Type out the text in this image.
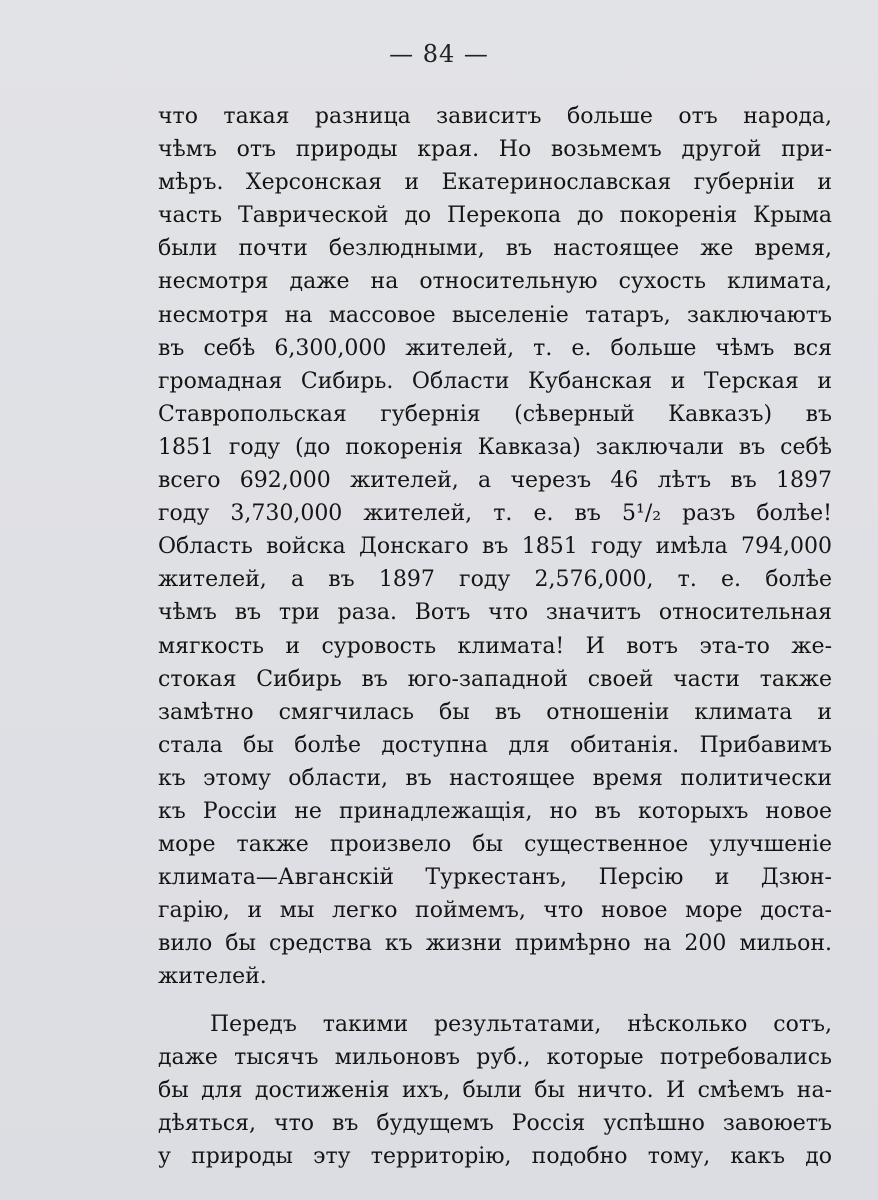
— 84 —
что такая разница зависитъ больше отъ народа,
чѣмъ отъ природы края. Но возьмемъ другой при-
мѣръ. Херсонская и Екатеринославская губерніи и
часть Таврической до Перекопа до покоренія Крыма
были почти безлюдными, въ настоящее же время,
несмотря даже на относительную сухость климата,
несмотря на массовое выселеніе татаръ, заключаютъ
въ себѣ 6,300,000 жителей, т. е. больше чѣмъ вся
громадная Сибирь. Области Кубанская и Терская и
Ставропольская губернія (сѣверный Кавказъ) въ
1851 году (до покоренія Кавказа) заключали въ себѣ
всего 692,000 жителей, а черезъ 46 лѣтъ въ 1897
году 3,730,000 жителей, т. е. въ 5¹/₂ разъ болѣе!
Область войска Донскаго въ 1851 году имѣла 794,000
жителей, а въ 1897 году 2,576,000, т. е. болѣе
чѣмъ въ три раза. Вотъ что значитъ относительная
мягкость и суровость климата! И вотъ эта-то же-
стокая Сибирь въ юго-западной своей части также
замѣтно смягчилась бы въ отношеніи климата и
стала бы болѣе доступна для обитанія. Прибавимъ
къ этому области, въ настоящее время политически
къ Россіи не принадлежащія, но въ которыхъ новое
море также произвело бы существенное улучшеніе
климата—Авганскій Туркестанъ, Персію и Дзюн-
гарію, и мы легко поймемъ, что новое море доста-
вило бы средства къ жизни примѣрно на 200 мильон.
жителей.
Передъ такими результатами, нѣсколько сотъ,
даже тысячъ мильоновъ руб., которые потребовались
бы для достиженія ихъ, были бы ничто. И смѣемъ на-
дѣяться, что въ будущемъ Россія успѣшно завоюетъ
у природы эту территорію, подобно тому, какъ до
